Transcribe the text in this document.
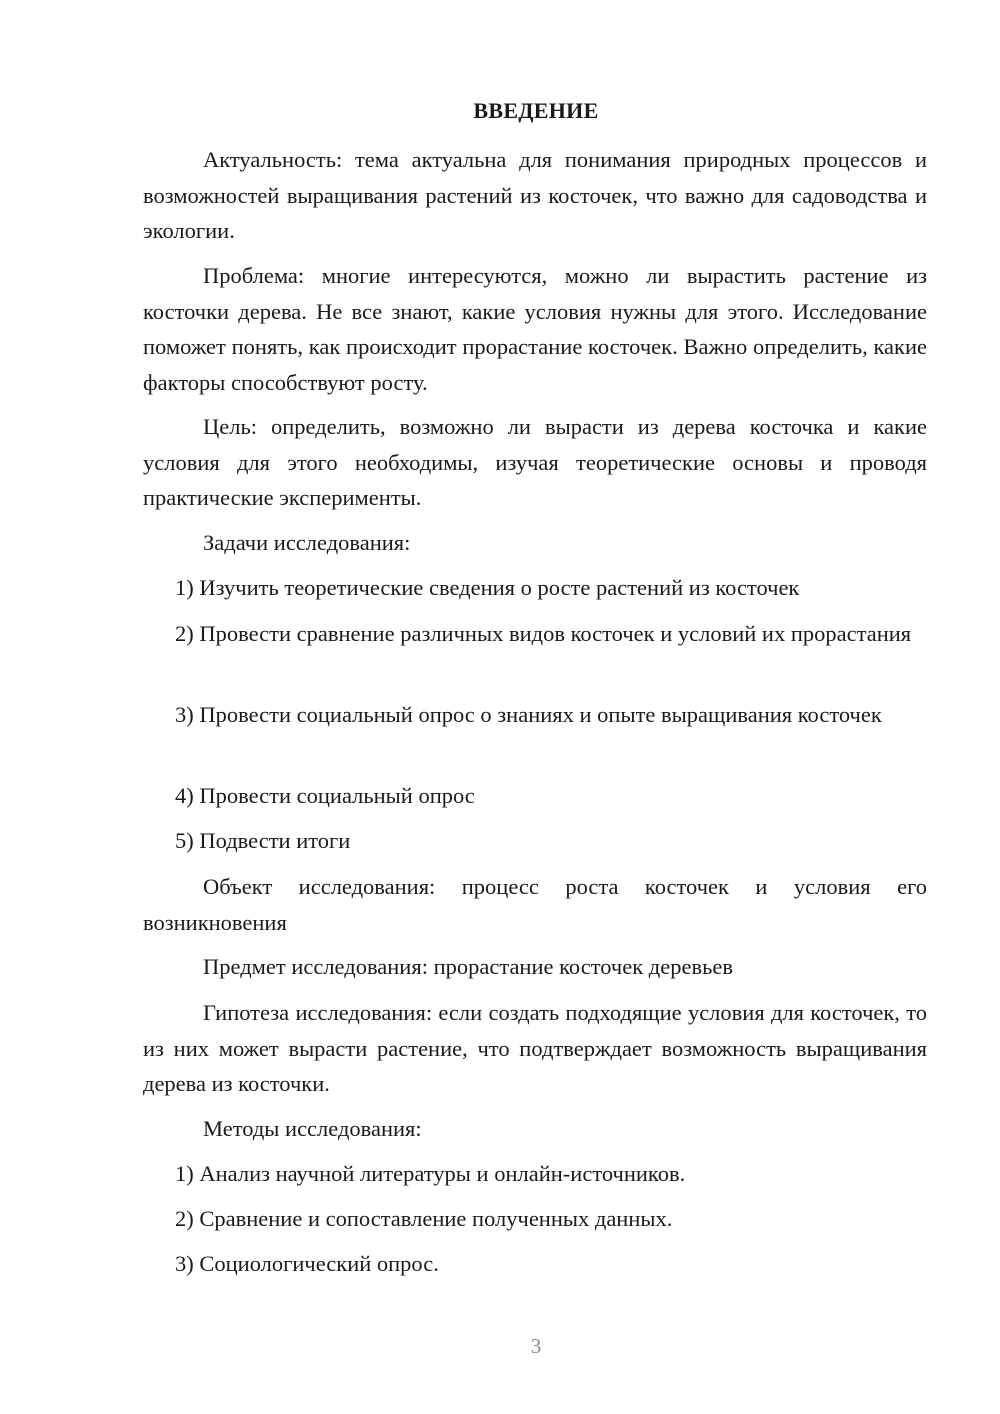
ВВЕДЕНИЕ

Актуальность: тема актуальна для понимания природных процессов и возможностей выращивания растений из косточек, что важно для садоводства и экологии.

Проблема: многие интересуются, можно ли вырастить растение из косточки дерева. Не все знают, какие условия нужны для этого. Исследование поможет понять, как происходит прорастание косточек. Важно определить, какие факторы способствуют росту.

Цель: определить, возможно ли вырасти из дерева косточка и какие условия для этого необходимы, изучая теоретические основы и проводя практические эксперименты.

Задачи исследования:

1) Изучить теоретические сведения о росте растений из косточек

2) Провести сравнение различных видов косточек и условий их прорастания

3) Провести социальный опрос о знаниях и опыте выращивания косточек

4) Провести социальный опрос

5) Подвести итоги

Объект исследования: процесс роста косточек и условия его возникновения

Предмет исследования: прорастание косточек деревьев

Гипотеза исследования: если создать подходящие условия для косточек, то из них может вырасти растение, что подтверждает возможность выращивания дерева из косточки.

Методы исследования:

1) Анализ научной литературы и онлайн-источников.

2) Сравнение и сопоставление полученных данных.

3) Социологический опрос.

3
